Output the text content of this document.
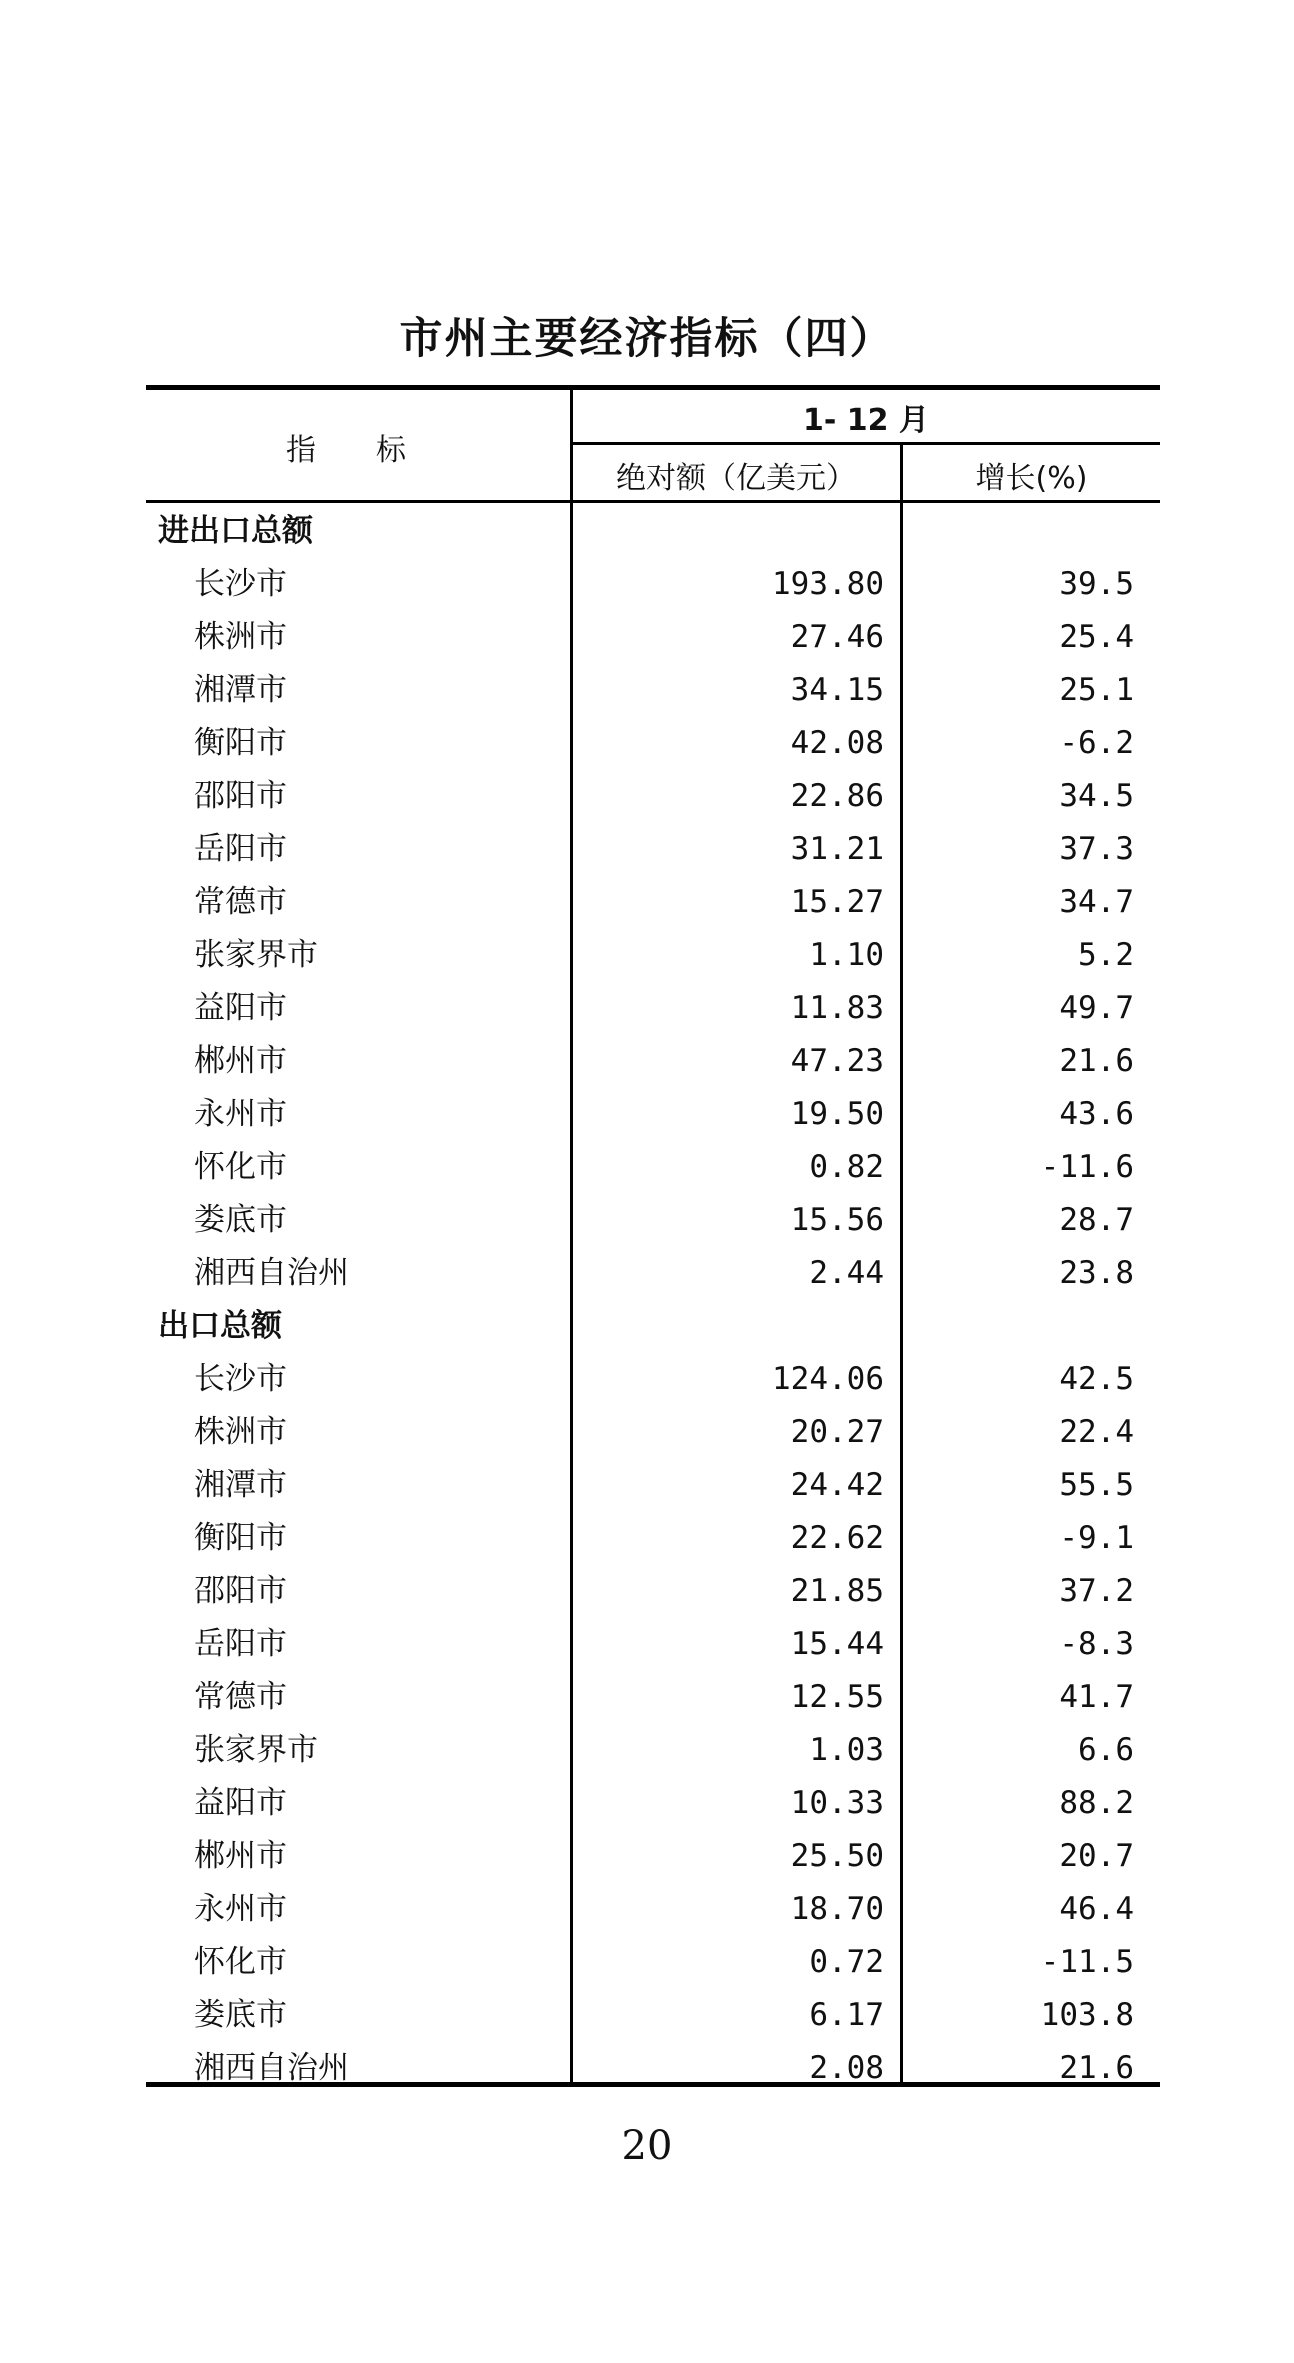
市州主要经济指标（四）
指　　标
1- 12 月
绝对额（亿美元）	增长(%)
进出口总额
长沙市	193.80	39.5
株洲市	27.46	25.4
湘潭市	34.15	25.1
衡阳市	42.08	-6.2
邵阳市	22.86	34.5
岳阳市	31.21	37.3
常德市	15.27	34.7
张家界市	1.10	5.2
益阳市	11.83	49.7
郴州市	47.23	21.6
永州市	19.50	43.6
怀化市	0.82	-11.6
娄底市	15.56	28.7
湘西自治州	2.44	23.8
出口总额
长沙市	124.06	42.5
株洲市	20.27	22.4
湘潭市	24.42	55.5
衡阳市	22.62	-9.1
邵阳市	21.85	37.2
岳阳市	15.44	-8.3
常德市	12.55	41.7
张家界市	1.03	6.6
益阳市	10.33	88.2
郴州市	25.50	20.7
永州市	18.70	46.4
怀化市	0.72	-11.5
娄底市	6.17	103.8
湘西自治州	2.08	21.6
20
